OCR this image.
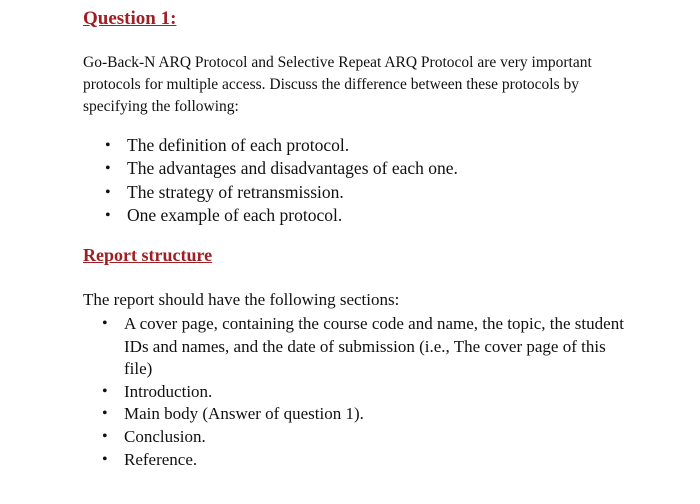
Question 1:

Go-Back-N ARQ Protocol and Selective Repeat ARQ Protocol are very important protocols for multiple access. Discuss the difference between these protocols by specifying the following:

• The definition of each protocol.
• The advantages and disadvantages of each one.
• The strategy of retransmission.
• One example of each protocol.
Report structure

The report should have the following sections:

• A cover page, containing the course code and name, the topic, the student IDs and names, and the date of submission (i.e., The cover page of this file)
• Introduction.
• Main body (Answer of question 1).
• Conclusion.
• Reference.
